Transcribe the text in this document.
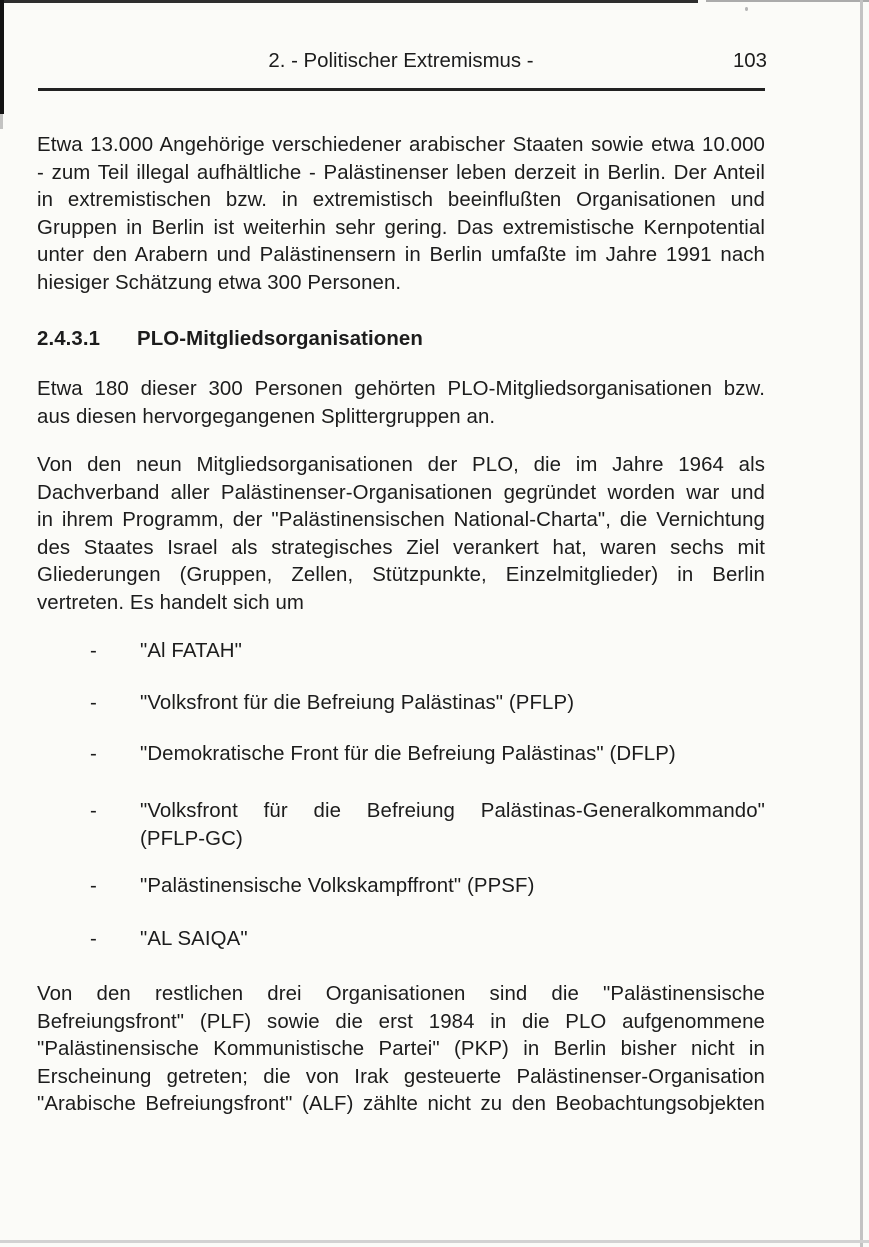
2. - Politischer Extremismus -	103
Etwa 13.000 Angehörige verschiedener arabischer Staaten sowie etwa 10.000
- zum Teil illegal aufhältliche - Palästinenser leben derzeit in Berlin. Der Anteil
in extremistischen bzw. in extremistisch beeinflußten Organisationen und
Gruppen in Berlin ist weiterhin sehr gering. Das extremistische Kernpotential
unter den Arabern und Palästinensern in Berlin umfaßte im Jahre 1991 nach
hiesiger Schätzung etwa 300 Personen.
2.4.3.1 PLO-Mitgliedsorganisationen
Etwa 180 dieser 300 Personen gehörten PLO-Mitgliedsorganisationen bzw.
aus diesen hervorgegangenen Splittergruppen an.
Von den neun Mitgliedsorganisationen der PLO, die im Jahre 1964 als
Dachverband aller Palästinenser-Organisationen gegründet worden war und
in ihrem Programm, der "Palästinensischen National-Charta", die Vernichtung
des Staates Israel als strategisches Ziel verankert hat, waren sechs mit
Gliederungen (Gruppen, Zellen, Stützpunkte, Einzelmitglieder) in Berlin
vertreten. Es handelt sich um
- "Al FATAH"
- "Volksfront für die Befreiung Palästinas" (PFLP)
- "Demokratische Front für die Befreiung Palästinas" (DFLP)
- "Volksfront für die Befreiung Palästinas-Generalkommando"
(PFLP-GC)
- "Palästinensische Volkskampffront" (PPSF)
- "AL SAIQA"
Von den restlichen drei Organisationen sind die "Palästinensische
Befreiungsfront" (PLF) sowie die erst 1984 in die PLO aufgenommene
"Palästinensische Kommunistische Partei" (PKP) in Berlin bisher nicht in
Erscheinung getreten; die von Irak gesteuerte Palästinenser-Organisation
"Arabische Befreiungsfront" (ALF) zählte nicht zu den Beobachtungsobjekten
